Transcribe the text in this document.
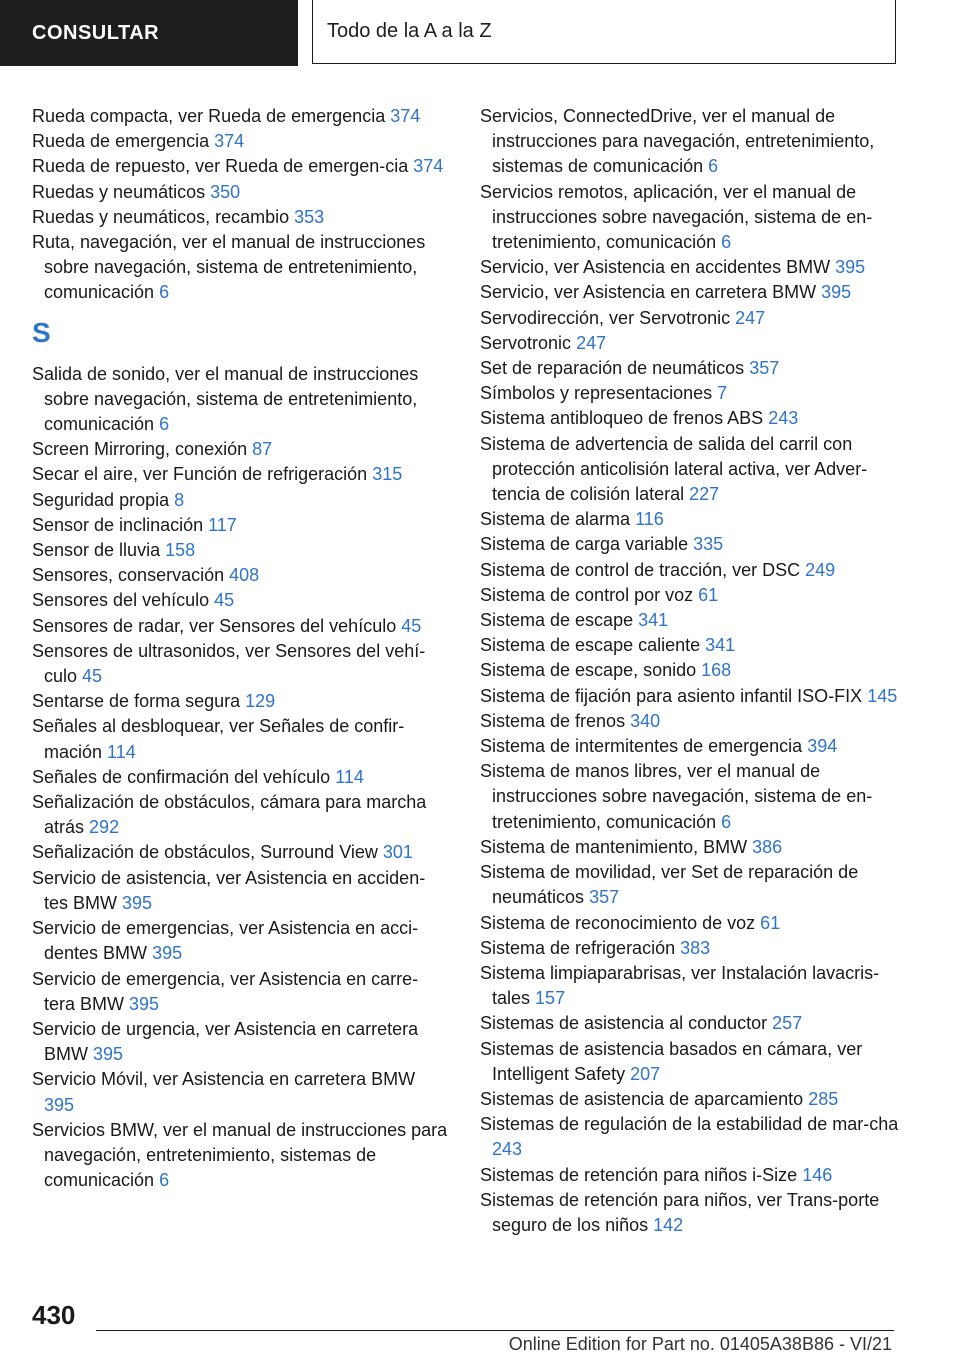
CONSULTAR	Todo de la A a la Z

Rueda compacta, ver Rueda de emergencia 374

Rueda de emergencia 374

Rueda de repuesto, ver Rueda de emergen‐cia 374

Ruedas y neumáticos 350

Ruedas y neumáticos, recambio 353

Ruta, navegación, ver el manual de instrucciones sobre navegación, sistema de entretenimiento, comunicación 6

S

Salida de sonido, ver el manual de instrucciones sobre navegación, sistema de entretenimiento, comunicación 6

Screen Mirroring, conexión 87

Secar el aire, ver Función de refrigeración 315

Seguridad propia 8

Sensor de inclinación 117

Sensor de lluvia 158

Sensores, conservación 408

Sensores del vehículo 45

Sensores de radar, ver Sensores del vehículo 45

Sensores de ultrasonidos, ver Sensores del vehí‐culo 45

Sentarse de forma segura 129

Señales al desbloquear, ver Señales de confir‐mación 114

Señales de confirmación del vehículo 114

Señalización de obstáculos, cámara para marcha atrás 292

Señalización de obstáculos, Surround View 301

Servicio de asistencia, ver Asistencia en acciden‐tes BMW 395

Servicio de emergencias, ver Asistencia en acci‐dentes BMW 395

Servicio de emergencia, ver Asistencia en carre‐tera BMW 395

Servicio de urgencia, ver Asistencia en carretera BMW 395

Servicio Móvil, ver Asistencia en carretera BMW 395

Servicios BMW, ver el manual de instrucciones para navegación, entretenimiento, sistemas de comunicación 6

Servicios, ConnectedDrive, ver el manual de instrucciones para navegación, entretenimiento, sistemas de comunicación 6

Servicios remotos, aplicación, ver el manual de instrucciones sobre navegación, sistema de en‐tretenimiento, comunicación 6

Servicio, ver Asistencia en accidentes BMW 395

Servicio, ver Asistencia en carretera BMW 395

Servodirección, ver Servotronic 247

Servotronic 247

Set de reparación de neumáticos 357

Símbolos y representaciones 7

Sistema antibloqueo de frenos ABS 243

Sistema de advertencia de salida del carril con protección anticolisión lateral activa, ver Adver‐tencia de colisión lateral 227

Sistema de alarma 116

Sistema de carga variable 335

Sistema de control de tracción, ver DSC 249

Sistema de control por voz 61

Sistema de escape 341

Sistema de escape caliente 341

Sistema de escape, sonido 168

Sistema de fijación para asiento infantil ISO‐FIX 145

Sistema de frenos 340

Sistema de intermitentes de emergencia 394

Sistema de manos libres, ver el manual de instrucciones sobre navegación, sistema de en‐tretenimiento, comunicación 6

Sistema de mantenimiento, BMW 386

Sistema de movilidad, ver Set de reparación de neumáticos 357

Sistema de reconocimiento de voz 61

Sistema de refrigeración 383

Sistema limpiaparabrisas, ver Instalación lavacris‐tales 157

Sistemas de asistencia al conductor 257

Sistemas de asistencia basados en cámara, ver Intelligent Safety 207

Sistemas de asistencia de aparcamiento 285

Sistemas de regulación de la estabilidad de mar‐cha 243

Sistemas de retención para niños i-Size 146

Sistemas de retención para niños, ver Trans‐porte seguro de los niños 142

430
Online Edition for Part no. 01405A38B86 - VI/21
